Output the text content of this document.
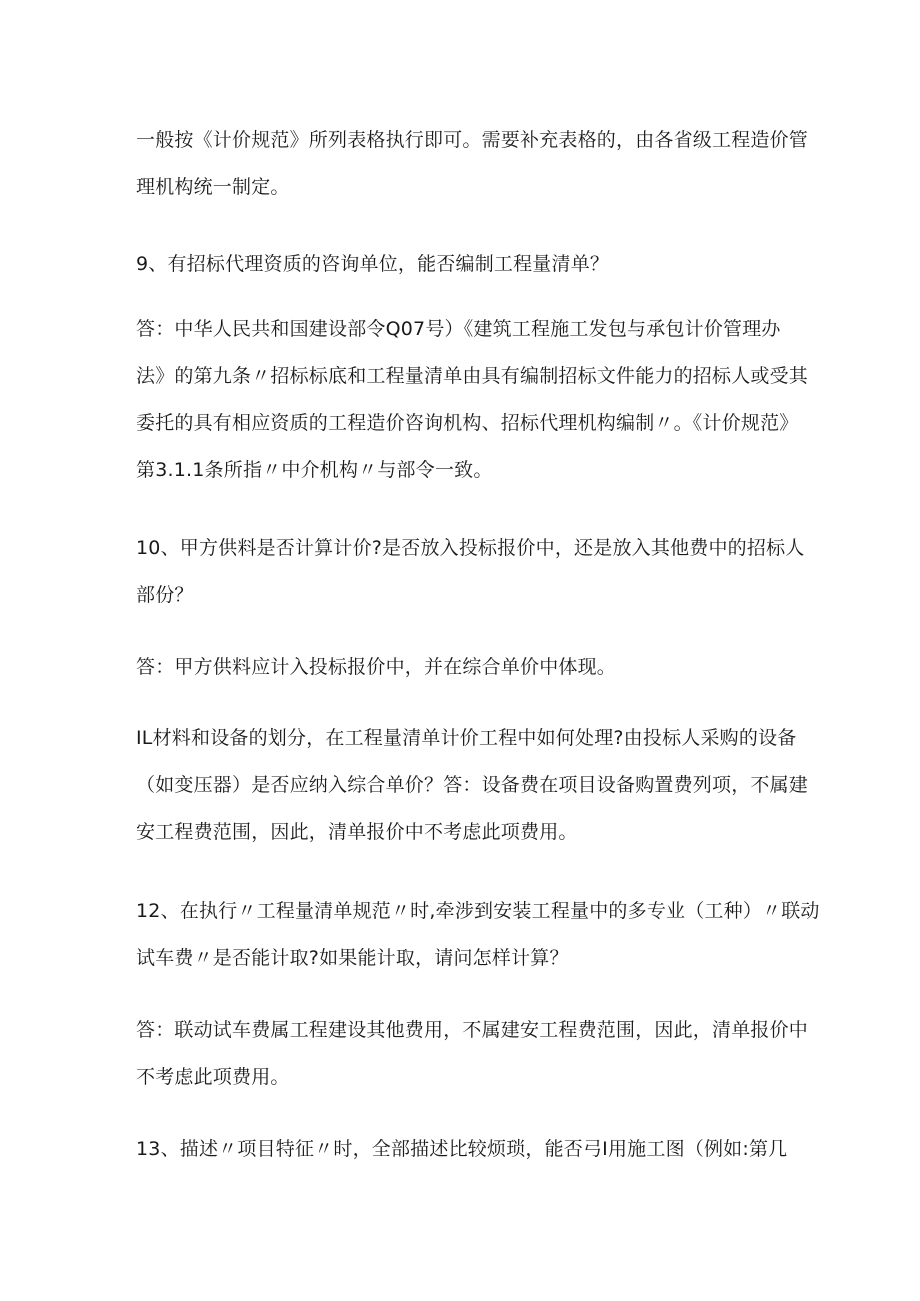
一般按《计价规范》所列表格执行即可。需要补充表格的，由各省级工程造价管
理机构统一制定。

9、有招标代理资质的咨询单位，能否编制工程量清单？

答：中华人民共和国建设部令Q07号）《建筑工程施工发包与承包计价管理办
法》的第九条〃招标标底和工程量清单由具有编制招标文件能力的招标人或受其
委托的具有相应资质的工程造价咨询机构、招标代理机构编制〃。《计价规范》
第3.1.1条所指〃中介机构〃与部令一致。

10、甲方供料是否计算计价?是否放入投标报价中，还是放入其他费中的招标人
部份？

答：甲方供料应计入投标报价中，并在综合单价中体现。

IL材料和设备的划分，在工程量清单计价工程中如何处理?由投标人采购的设备
（如变压器）是否应纳入综合单价？答：设备费在项目设备购置费列项，不属建
安工程费范围，因此，清单报价中不考虑此项费用。

12、在执行〃工程量清单规范〃时,牵涉到安装工程量中的多专业（工种）〃联动
试车费〃是否能计取?如果能计取，请问怎样计算？

答：联动试车费属工程建设其他费用，不属建安工程费范围，因此，清单报价中
不考虑此项费用。

13、描述〃项目特征〃时，全部描述比较烦琐，能否弓I用施工图（例如:第几
